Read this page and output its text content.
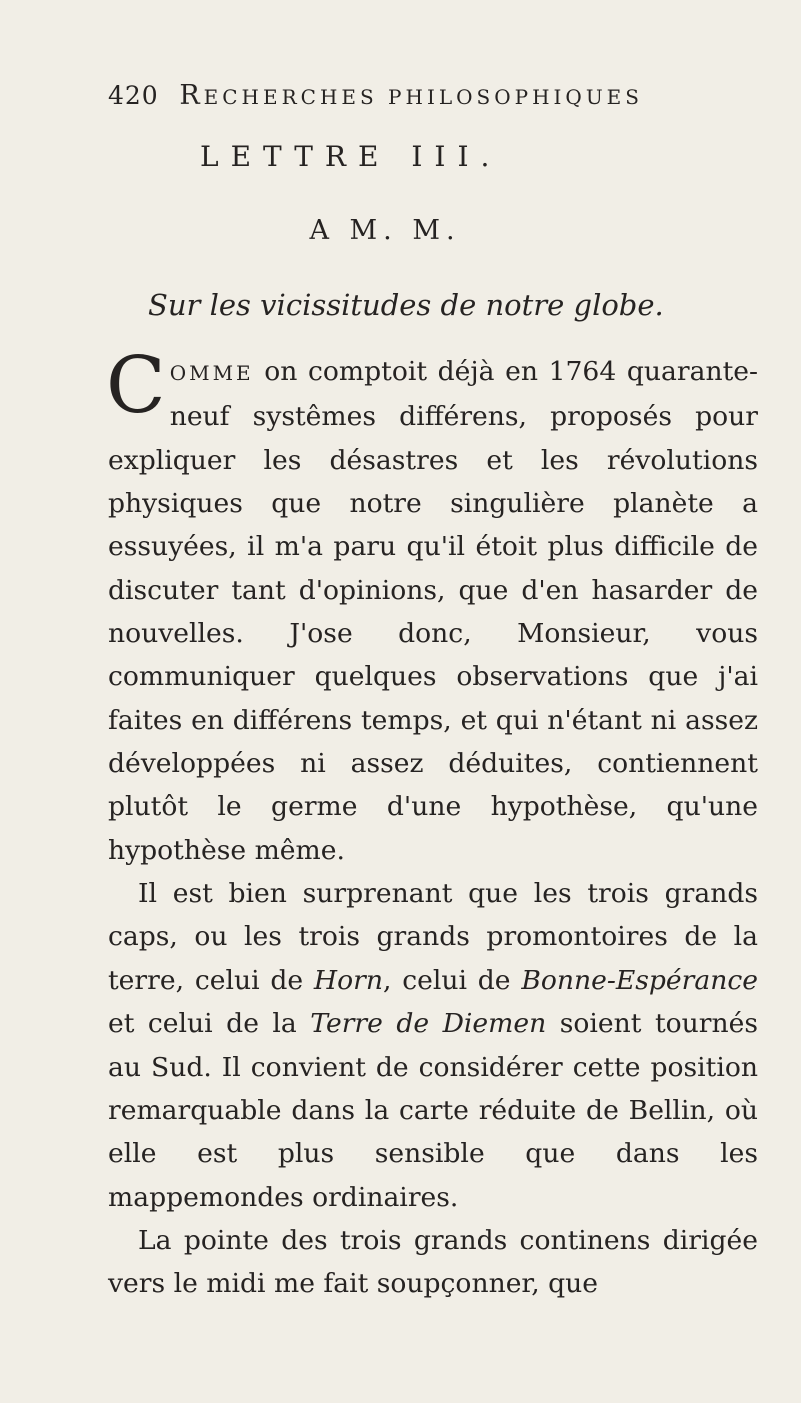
420 RECHERCHES PHILOSOPHIQUES
LETTRE III.
A M. M.
Sur les vicissitudes de notre globe.

COMME on comptoit déjà en 1764 quarante-neuf systêmes différens, proposés pour expliquer les désastres et les révolutions physiques que notre singulière planète a essuyées, il m'a paru qu'il étoit plus difficile de discuter tant d'opinions, que d'en hasarder de nouvelles. J'ose donc, Monsieur, vous communiquer quelques observations que j'ai faites en différens temps, et qui n'étant ni assez développées ni assez déduites, contiennent plutôt le germe d'une hypothèse, qu'une hypothèse même.

Il est bien surprenant que les trois grands caps, ou les trois grands promontoires de la terre, celui de Horn, celui de Bonne-Espérance et celui de la Terre de Diemen soient tournés au Sud. Il convient de considérer cette position remarquable dans la carte réduite de Bellin, où elle est plus sensible que dans les mappemondes ordinaires.

La pointe des trois grands continens dirigée vers le midi me fait soupçonner, que
